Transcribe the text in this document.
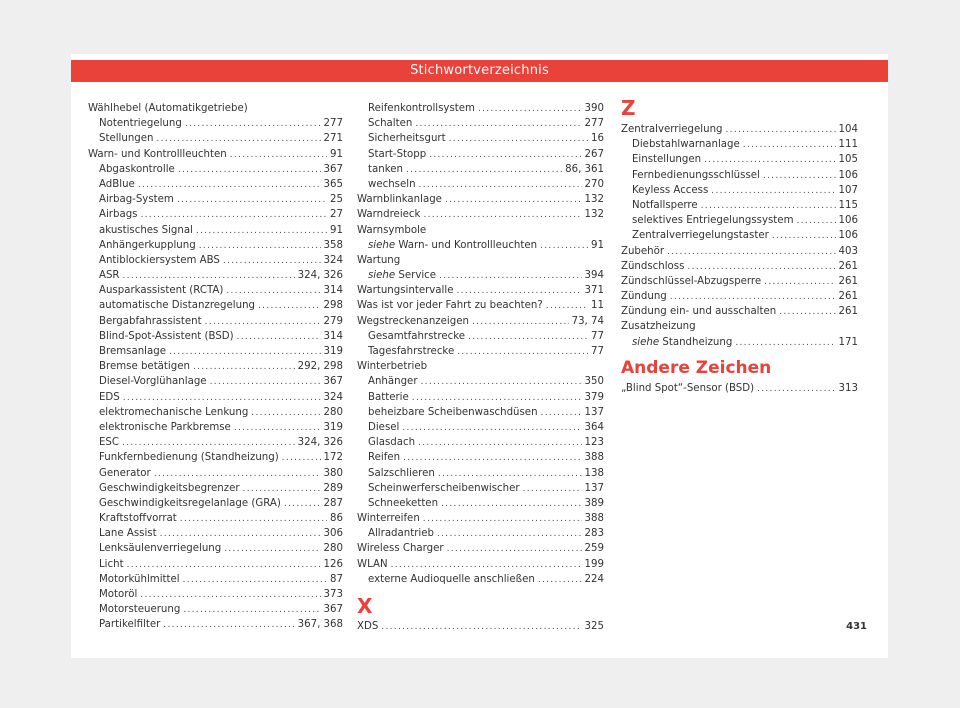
Stichwortverzeichnis
Wählhebel (Automatikgetriebe)
Notentriegelung .....	277
Stellungen .....	271
Warn- und Kontrollleuchten .....	91
Abgaskontrolle .....	367
AdBlue .....	365
Airbag-System .....	25
Airbags .....	27
akustisches Signal .....	91
Anhängerkupplung .....	358
Antiblockiersystem ABS .....	324
ASR .....	324, 326
Ausparkassistent (RCTA) .....	314
automatische Distanzregelung .....	298
Bergabfahrassistent .....	279
Blind-Spot-Assistent (BSD) .....	314
Bremsanlage .....	319
Bremse betätigen .....	292, 298
Diesel-Vorglühanlage .....	367
EDS .....	324
elektromechanische Lenkung .....	280
elektronische Parkbremse .....	319
ESC .....	324, 326
Funkfernbedienung (Standheizung) .....	172
Generator .....	380
Geschwindigkeitsbegrenzer .....	289
Geschwindigkeitsregelanlage (GRA) .....	287
Kraftstoffvorrat .....	86
Lane Assist .....	306
Lenksäulenverriegelung .....	280
Licht .....	126
Motorkühlmittel .....	87
Motoröl .....	373
Motorsteuerung .....	367
Partikelfilter .....	367, 368
Reifenkontrollsystem .....	390
Schalten .....	277
Sicherheitsgurt .....	16
Start-Stopp .....	267
tanken .....	86, 361
wechseln .....	270
Warnblinkanlage .....	132
Warndreieck .....	132
Warnsymbole
siehe Warn- und Kontrollleuchten .....	91
Wartung
siehe Service .....	394
Wartungsintervalle .....	371
Was ist vor jeder Fahrt zu beachten? .....	11
Wegstreckenanzeigen .....	73, 74
Gesamtfahrstrecke .....	77
Tagesfahrstrecke .....	77
Winterbetrieb
Anhänger .....	350
Batterie .....	379
beheizbare Scheibenwaschdüsen .....	137
Diesel .....	364
Glasdach .....	123
Reifen .....	388
Salzschlieren .....	138
Scheinwerferscheibenwischer .....	137
Schneeketten .....	389
Winterreifen .....	388
Allradantrieb .....	283
Wireless Charger .....	259
WLAN .....	199
externe Audioquelle anschließen .....	224
X
XDS .....	325
Z
Zentralverriegelung .....	104
Diebstahlwarnanlage .....	111
Einstellungen .....	105
Fernbedienungsschlüssel .....	106
Keyless Access .....	107
Notfallsperre .....	115
selektives Entriegelungssystem .....	106
Zentralverriegelungstaster .....	106
Zubehör .....	403
Zündschloss .....	261
Zündschlüssel-Abzugsperre .....	261
Zündung .....	261
Zündung ein- und ausschalten .....	261
Zusatzheizung
siehe Standheizung .....	171
Andere Zeichen
„Blind Spot“-Sensor (BSD) .....	313
431
